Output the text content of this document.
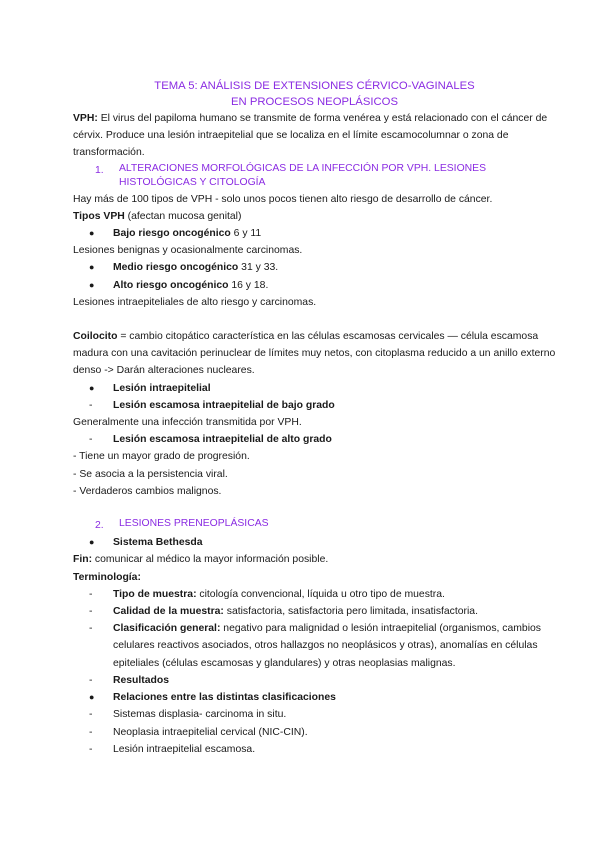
TEMA 5: ANÁLISIS DE EXTENSIONES CÉRVICO-VAGINALES
EN PROCESOS NEOPLÁSICOS

VPH: El virus del papiloma humano se transmite de forma venérea y está relacionado con el cáncer de cérvix. Produce una lesión intraepitelial que se localiza en el límite escamocolumnar o zona de transformación.

1.	ALTERACIONES MORFOLÓGICAS DE LA INFECCIÓN POR VPH. LESIONES HISTOLÓGICAS Y CITOLOGÍA

Hay más de 100 tipos de VPH - solo unos pocos tienen alto riesgo de desarrollo de cáncer.

Tipos VPH (afectan mucosa genital)

●	Bajo riesgo oncogénico 6 y 11

Lesiones benignas y ocasionalmente carcinomas.

●	Medio riesgo oncogénico 31 y 33.
●	Alto riesgo oncogénico 16 y 18.

Lesiones intraepiteliales de alto riesgo y carcinomas.

Coilocito = cambio citopático característica en las células escamosas cervicales — célula escamosa madura con una cavitación perinuclear de límites muy netos, con citoplasma reducido a un anillo externo denso -> Darán alteraciones nucleares.

●	Lesión intraepitelial
-	Lesión escamosa intraepitelial de bajo grado

Generalmente una infección transmitida por VPH.

-	Lesión escamosa intraepitelial de alto grado

- Tiene un mayor grado de progresión.

- Se asocia a la persistencia viral.

- Verdaderos cambios malignos.

2.	LESIONES PRENEOPLÁSICAS
●	Sistema Bethesda

Fin: comunicar al médico la mayor información posible.

Terminología:

-	Tipo de muestra: citología convencional, líquida u otro tipo de muestra.
-	Calidad de la muestra: satisfactoria, satisfactoria pero limitada, insatisfactoria.
-	Clasificación general: negativo para malignidad o lesión intraepitelial (organismos, cambios celulares reactivos asociados, otros hallazgos no neoplásicos y otras), anomalías en células epiteliales (células escamosas y glandulares) y otras neoplasias malignas.
-	Resultados
●	Relaciones entre las distintas clasificaciones
-	Sistemas displasia- carcinoma in situ.
-	Neoplasia intraepitelial cervical (NIC-CIN).
-	Lesión intraepitelial escamosa.
